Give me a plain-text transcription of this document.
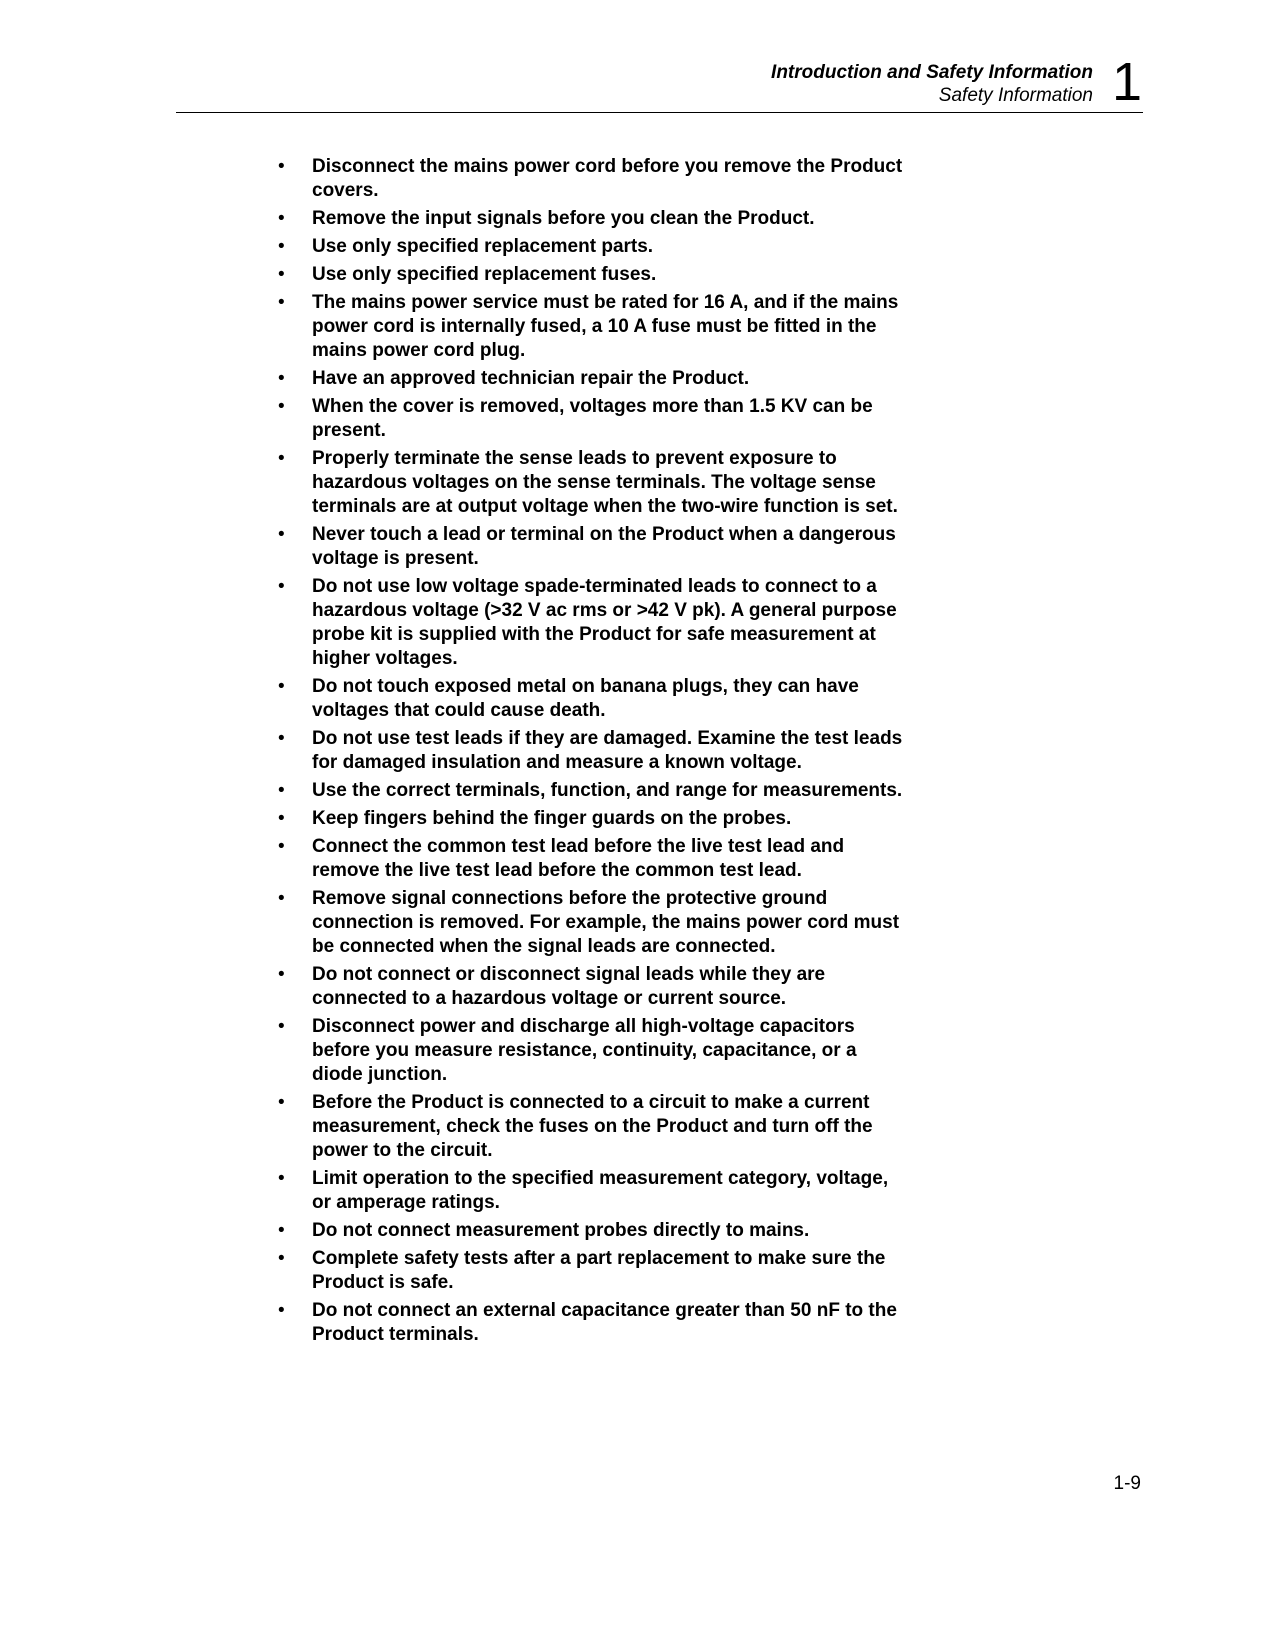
Introduction and Safety Information
Safety Information 1
• Disconnect the mains power cord before you remove the Product
covers.
• Remove the input signals before you clean the Product.
• Use only specified replacement parts.
• Use only specified replacement fuses.
• The mains power service must be rated for 16 A, and if the mains
power cord is internally fused, a 10 A fuse must be fitted in the
mains power cord plug.
• Have an approved technician repair the Product.
• When the cover is removed, voltages more than 1.5 KV can be
present.
• Properly terminate the sense leads to prevent exposure to
hazardous voltages on the sense terminals. The voltage sense
terminals are at output voltage when the two-wire function is set.
• Never touch a lead or terminal on the Product when a dangerous
voltage is present.
• Do not use low voltage spade-terminated leads to connect to a
hazardous voltage (>32 V ac rms or >42 V pk). A general purpose
probe kit is supplied with the Product for safe measurement at
higher voltages.
• Do not touch exposed metal on banana plugs, they can have
voltages that could cause death.
• Do not use test leads if they are damaged. Examine the test leads
for damaged insulation and measure a known voltage.
• Use the correct terminals, function, and range for measurements.
• Keep fingers behind the finger guards on the probes.
• Connect the common test lead before the live test lead and
remove the live test lead before the common test lead.
• Remove signal connections before the protective ground
connection is removed. For example, the mains power cord must
be connected when the signal leads are connected.
• Do not connect or disconnect signal leads while they are
connected to a hazardous voltage or current source.
• Disconnect power and discharge all high-voltage capacitors
before you measure resistance, continuity, capacitance, or a
diode junction.
• Before the Product is connected to a circuit to make a current
measurement, check the fuses on the Product and turn off the
power to the circuit.
• Limit operation to the specified measurement category, voltage,
or amperage ratings.
• Do not connect measurement probes directly to mains.
• Complete safety tests after a part replacement to make sure the
Product is safe.
• Do not connect an external capacitance greater than 50 nF to the
Product terminals.
1-9
